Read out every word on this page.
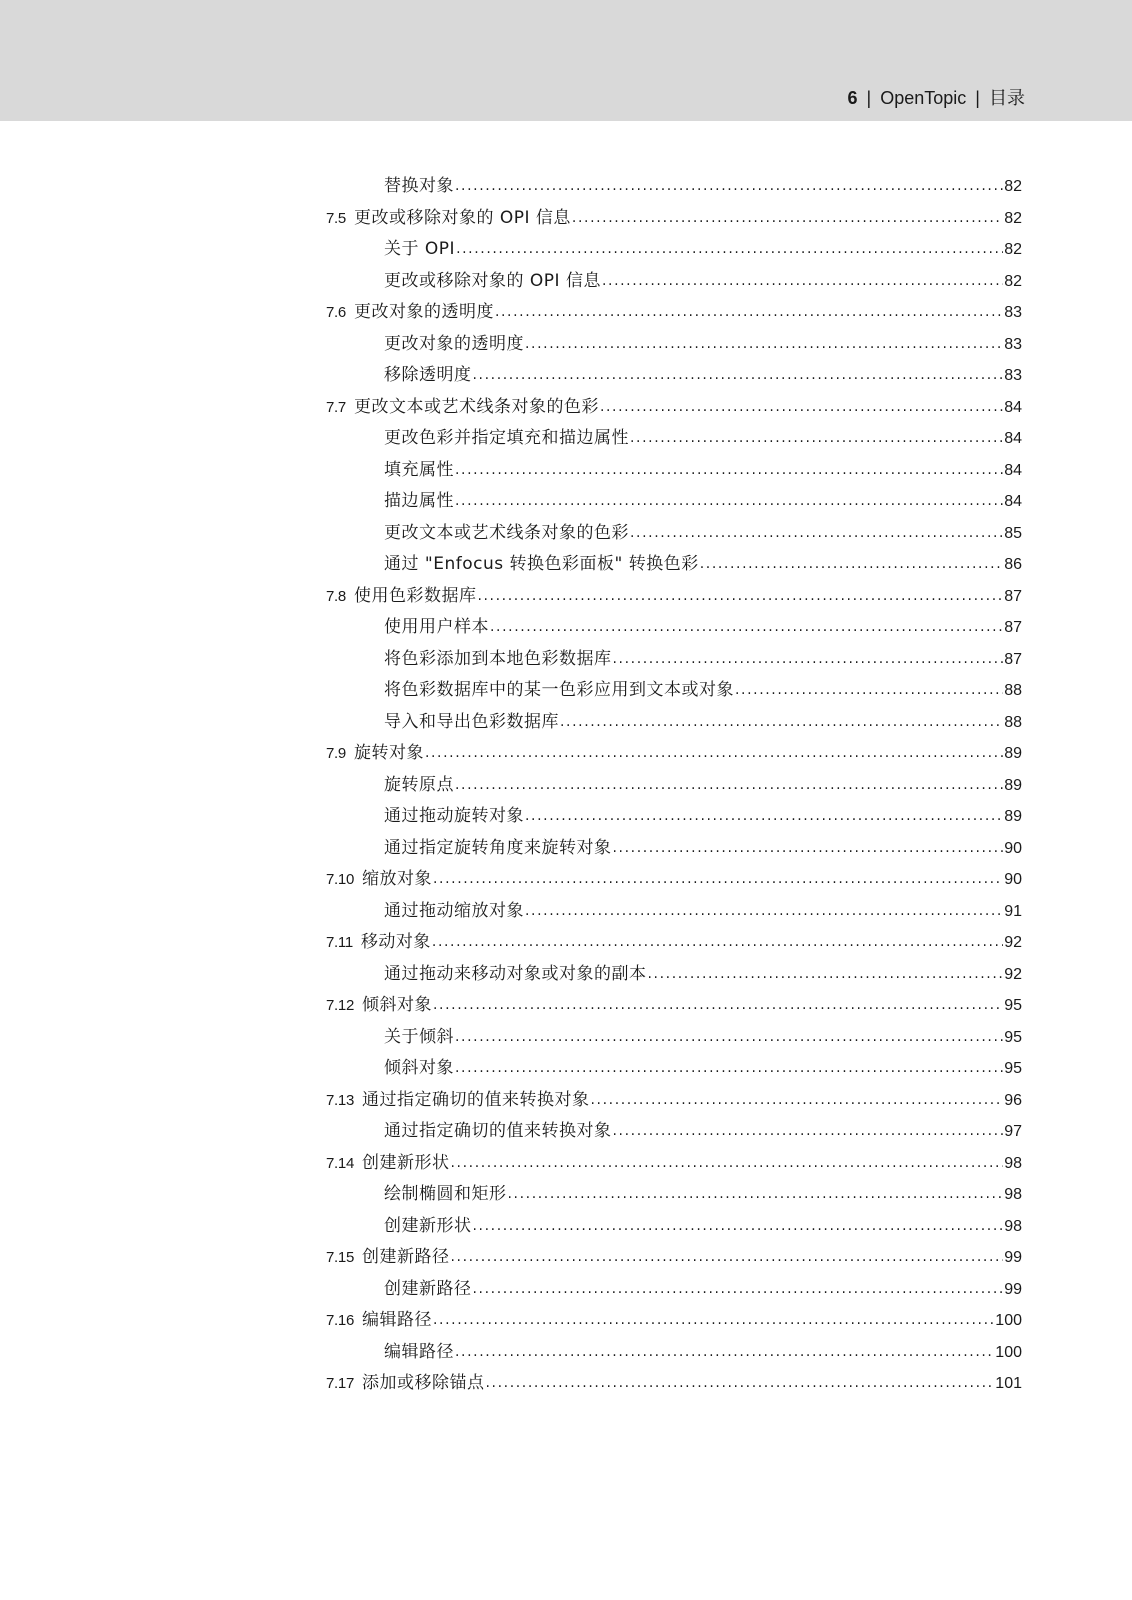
6 | OpenTopic | 目录
替换对象 .....	82
7.5 更改或移除对象的 OPI 信息 .....	82
关于 OPI .....	82
更改或移除对象的 OPI 信息 .....	82
7.6 更改对象的透明度 .....	83
更改对象的透明度 .....	83
移除透明度 .....	83
7.7 更改文本或艺术线条对象的色彩 .....	84
更改色彩并指定填充和描边属性 .....	84
填充属性 .....	84
描边属性 .....	84
更改文本或艺术线条对象的色彩 .....	85
通过 "Enfocus 转换色彩面板" 转换色彩 .....	86
7.8 使用色彩数据库 .....	87
使用用户样本 .....	87
将色彩添加到本地色彩数据库 .....	87
将色彩数据库中的某一色彩应用到文本或对象 .....	88
导入和导出色彩数据库 .....	88
7.9 旋转对象 .....	89
旋转原点 .....	89
通过拖动旋转对象 .....	89
通过指定旋转角度来旋转对象 .....	90
7.10 缩放对象 .....	90
通过拖动缩放对象 .....	91
7.11 移动对象 .....	92
通过拖动来移动对象或对象的副本 .....	92
7.12 倾斜对象 .....	95
关于倾斜 .....	95
倾斜对象 .....	95
7.13 通过指定确切的值来转换对象 .....	96
通过指定确切的值来转换对象 .....	97
7.14 创建新形状 .....	98
绘制椭圆和矩形 .....	98
创建新形状 .....	98
7.15 创建新路径 .....	99
创建新路径 .....	99
7.16 编辑路径 .....	100
编辑路径 .....	100
7.17 添加或移除锚点 .....	101
